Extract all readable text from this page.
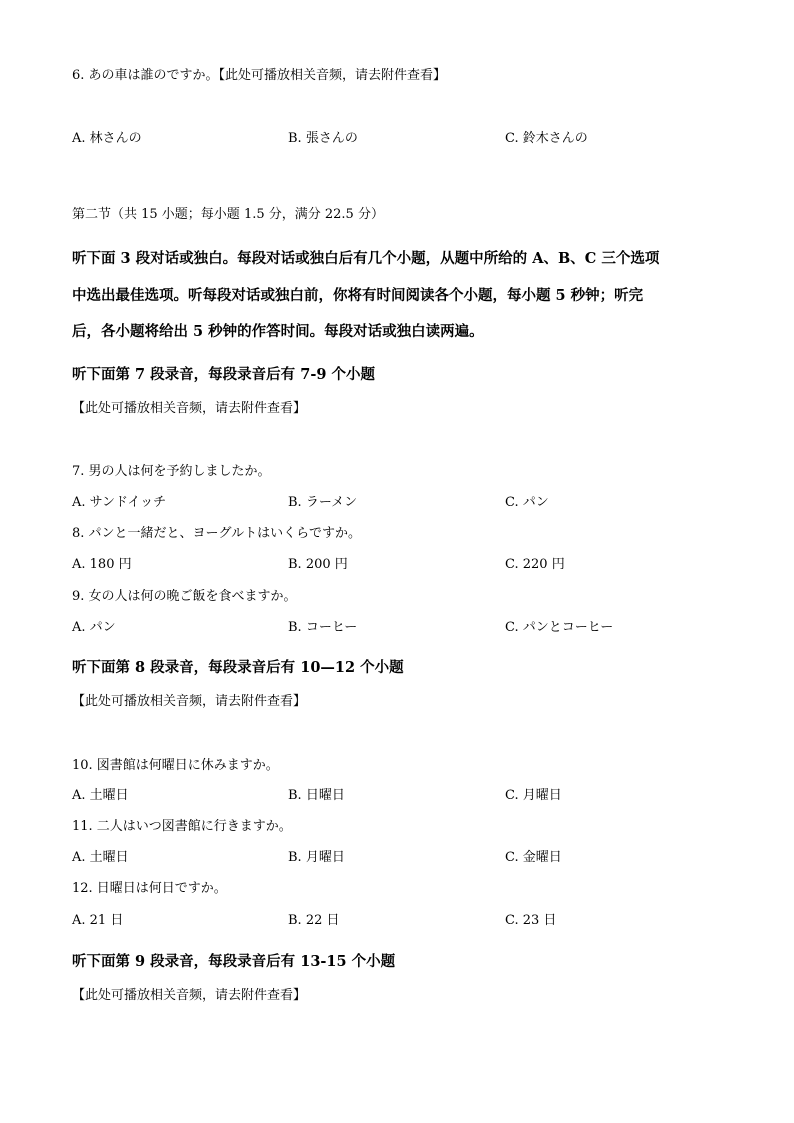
6. あの車は誰のですか。【此处可播放相关音频，请去附件查看】
A. 林さんの	B. 張さんの	C. 鈴木さんの
第二节（共 15 小题；每小题 1.5 分，满分 22.5 分）
听下面 3 段对话或独白。每段对话或独白后有几个小题，从题中所给的 A、B、C 三个选项
中选出最佳选项。听每段对话或独白前，你将有时间阅读各个小题，每小题 5 秒钟；听完
后，各小题将给出 5 秒钟的作答时间。每段对话或独白读两遍。
听下面第 7 段录音，每段录音后有 7-9 个小题
【此处可播放相关音频，请去附件查看】
7. 男の人は何を予約しましたか。
A. サンドイッチ	B. ラーメン	C. パン
8. パンと一緒だと、ヨーグルトはいくらですか。
A. 180 円	B. 200 円	C. 220 円
9. 女の人は何の晩ご飯を食べますか。
A. パン	B. コーヒー	C. パンとコーヒー
听下面第 8 段录音，每段录音后有 10—12 个小题
【此处可播放相关音频，请去附件查看】
10. 図書館は何曜日に休みますか。
A. 土曜日	B. 日曜日	C. 月曜日
11. 二人はいつ図書館に行きますか。
A. 土曜日	B. 月曜日	C. 金曜日
12. 日曜日は何日ですか。
A. 21 日	B. 22 日	C. 23 日
听下面第 9 段录音，每段录音后有 13-15 个小题
【此处可播放相关音频，请去附件查看】
